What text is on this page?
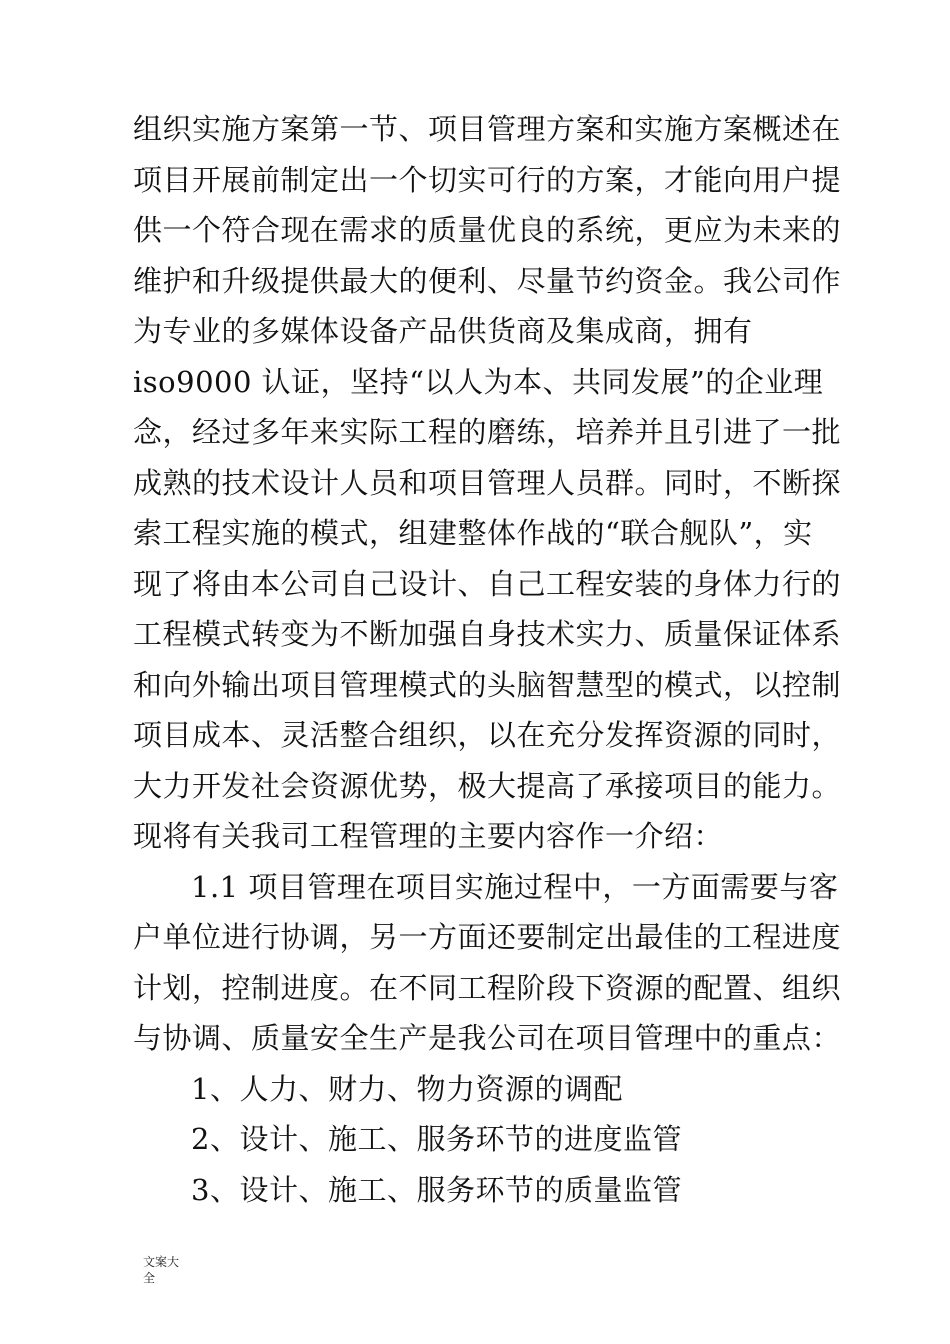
组织实施方案第一节、项目管理方案和实施方案概述在
项目开展前制定出一个切实可行的方案，才能向用户提
供一个符合现在需求的质量优良的系统，更应为未来的
维护和升级提供最大的便利、尽量节约资金。我公司作
为专业的多媒体设备产品供货商及集成商，拥有
iso9000 认证，坚持“以人为本、共同发展”的企业理
念，经过多年来实际工程的磨练，培养并且引进了一批
成熟的技术设计人员和项目管理人员群。同时，不断探
索工程实施的模式，组建整体作战的“联合舰队”，实
现了将由本公司自己设计、自己工程安装的身体力行的
工程模式转变为不断加强自身技术实力、质量保证体系
和向外输出项目管理模式的头脑智慧型的模式，以控制
项目成本、灵活整合组织，以在充分发挥资源的同时，
大力开发社会资源优势，极大提高了承接项目的能力。
现将有关我司工程管理的主要内容作一介绍：
1.1 项目管理在项目实施过程中，一方面需要与客
户单位进行协调，另一方面还要制定出最佳的工程进度
计划，控制进度。在不同工程阶段下资源的配置、组织
与协调、质量安全生产是我公司在项目管理中的重点：
1、人力、财力、物力资源的调配
2、设计、施工、服务环节的进度监管
3、设计、施工、服务环节的质量监管
文案大
全
